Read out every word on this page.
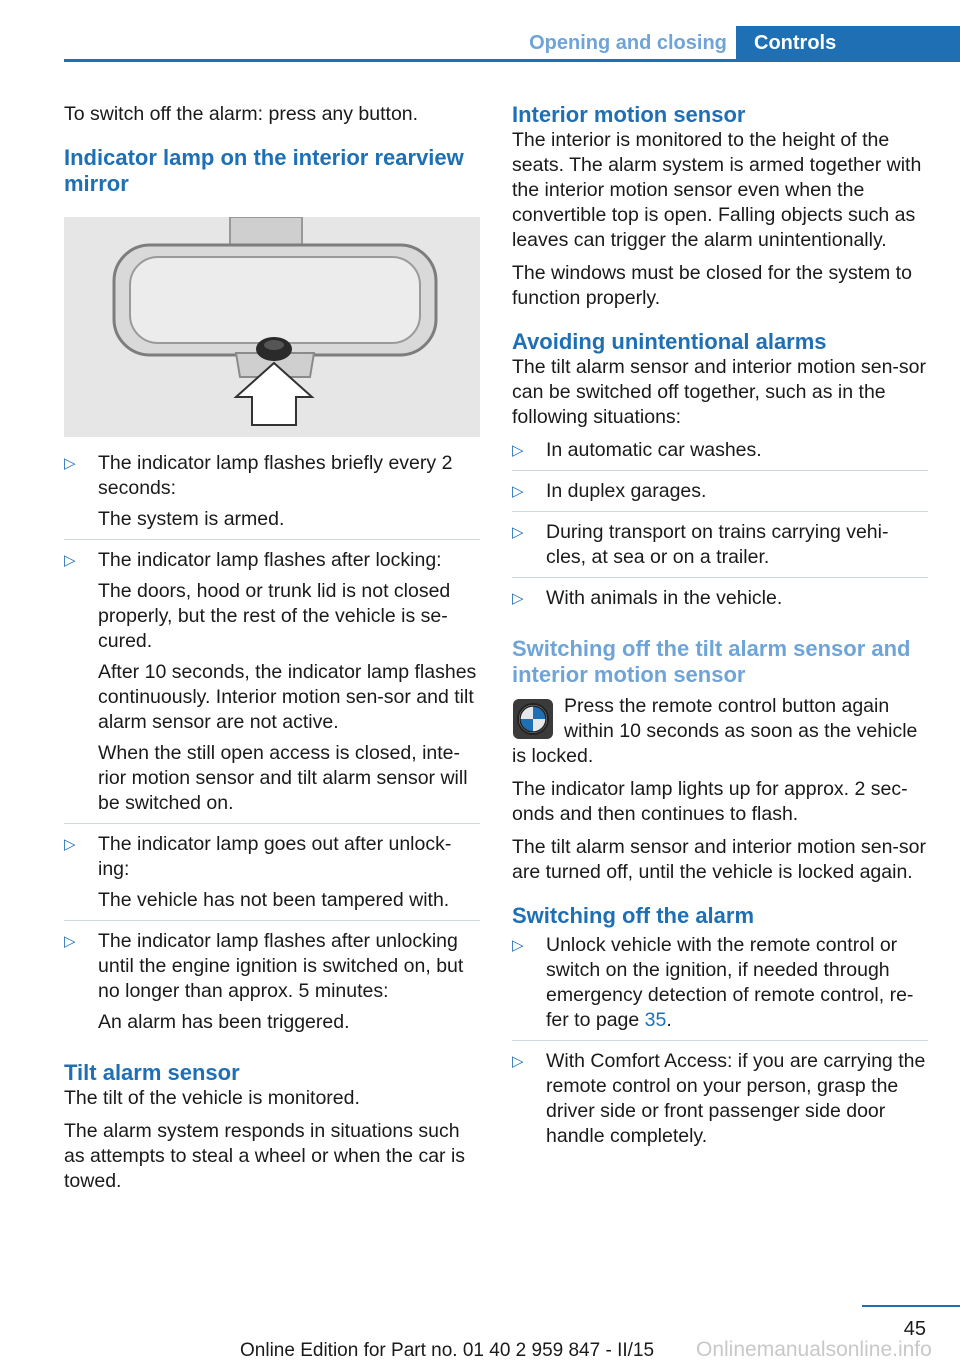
Opening and closing	Controls

To switch off the alarm: press any button.

Indicator lamp on the interior rearview mirror
▷ The indicator lamp flashes briefly every 2 seconds:

The system is armed.

▷ The indicator lamp flashes after locking:

The doors, hood or trunk lid is not closed properly, but the rest of the vehicle is se‐cured.

After 10 seconds, the indicator lamp flashes continuously. Interior motion sen‐sor and tilt alarm sensor are not active.

When the still open access is closed, inte‐rior motion sensor and tilt alarm sensor will be switched on.

▷ The indicator lamp goes out after unlock‐ing:

The vehicle has not been tampered with.

▷ The indicator lamp flashes after unlocking until the engine ignition is switched on, but no longer than approx. 5 minutes:

An alarm has been triggered.

Tilt alarm sensor

The tilt of the vehicle is monitored.

The alarm system responds in situations such as attempts to steal a wheel or when the car is towed.

Interior motion sensor

The interior is monitored to the height of the seats. The alarm system is armed together with the interior motion sensor even when the convertible top is open. Falling objects such as leaves can trigger the alarm unintentionally.

The windows must be closed for the system to function properly.

Avoiding unintentional alarms

The tilt alarm sensor and interior motion sen‐sor can be switched off together, such as in the following situations:

▷ In automatic car washes.

▷ In duplex garages.

▷ During transport on trains carrying vehi‐cles, at sea or on a trailer.

▷ With animals in the vehicle.

Switching off the tilt alarm sensor and interior motion sensor

Press the remote control button again within 10 seconds as soon as the vehicle is locked.

The indicator lamp lights up for approx. 2 sec‐onds and then continues to flash.

The tilt alarm sensor and interior motion sen‐sor are turned off, until the vehicle is locked again.

Switching off the alarm
▷ Unlock vehicle with the remote control or switch on the ignition, if needed through emergency detection of remote control, re‐fer to page 35.

▷ With Comfort Access: if you are carrying the remote control on your person, grasp the driver side or front passenger side door handle completely.

45
Online Edition for Part no. 01 40 2 959 847 - II/15 Onlinemanualsonline.info
